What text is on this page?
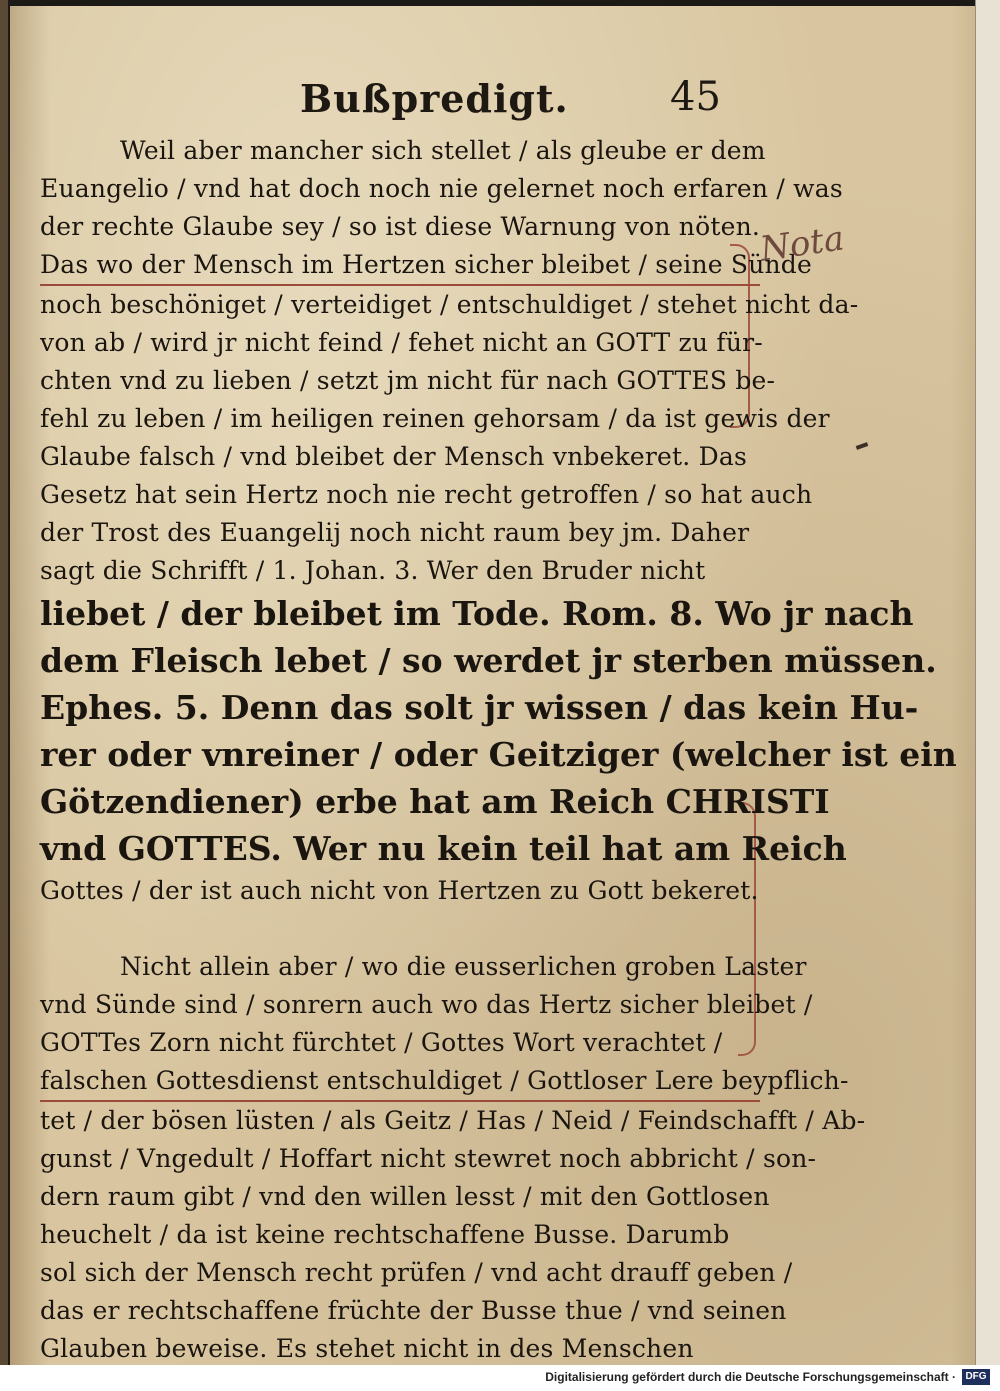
Bußpredigt.	45
Nota
Weil aber mancher sich stellet / als gleube er dem
Euangelio / vnd hat doch noch nie gelernet noch erfaren / was
der rechte Glaube sey / so ist diese Warnung von nöten.
Das wo der Mensch im Hertzen sicher bleibet / seine Sünde
noch beschöniget / verteidiget / entschuldiget / stehet nicht da-
von ab / wird jr nicht feind / fehet nicht an GOTT zu für-
chten vnd zu lieben / setzt jm nicht für nach GOTTES be-
fehl zu leben / im heiligen reinen gehorsam / da ist gewis der
Glaube falsch / vnd bleibet der Mensch vnbekeret. Das
Gesetz hat sein Hertz noch nie recht getroffen / so hat auch
der Trost des Euangelij noch nicht raum bey jm. Daher
sagt die Schrifft / 1. Johan. 3. Wer den Bruder nicht
liebet / der bleibet im Tode. Rom. 8. Wo jr nach
dem Fleisch lebet / so werdet jr sterben müssen.
Ephes. 5. Denn das solt jr wissen / das kein Hu-
rer oder vnreiner / oder Geitziger (welcher ist ein
Götzendiener) erbe hat am Reich CHRISTI
vnd GOTTES. Wer nu kein teil hat am Reich
Gottes / der ist auch nicht von Hertzen zu Gott bekeret.
Nicht allein aber / wo die eusserlichen groben Laster
vnd Sünde sind / sonrern auch wo das Hertz sicher bleibet /
GOTTes Zorn nicht fürchtet / Gottes Wort verachtet /
falschen Gottesdienst entschuldiget / Gottloser Lere beypflich-
tet / der bösen lüsten / als Geitz / Has / Neid / Feindschafft / Ab-
gunst / Vngedult / Hoffart nicht stewret noch abbricht / son-
dern raum gibt / vnd den willen lesst / mit den Gottlosen
heuchelt / da ist keine rechtschaffene Busse. Darumb
sol sich der Mensch recht prüfen / vnd acht drauff geben /
das er rechtschaffene früchte der Busse thue / vnd seinen
Glauben beweise. Es stehet nicht in des Menschen
Digitalisierung gefördert durch die Deutsche Forschungsgemeinschaft · DFG
